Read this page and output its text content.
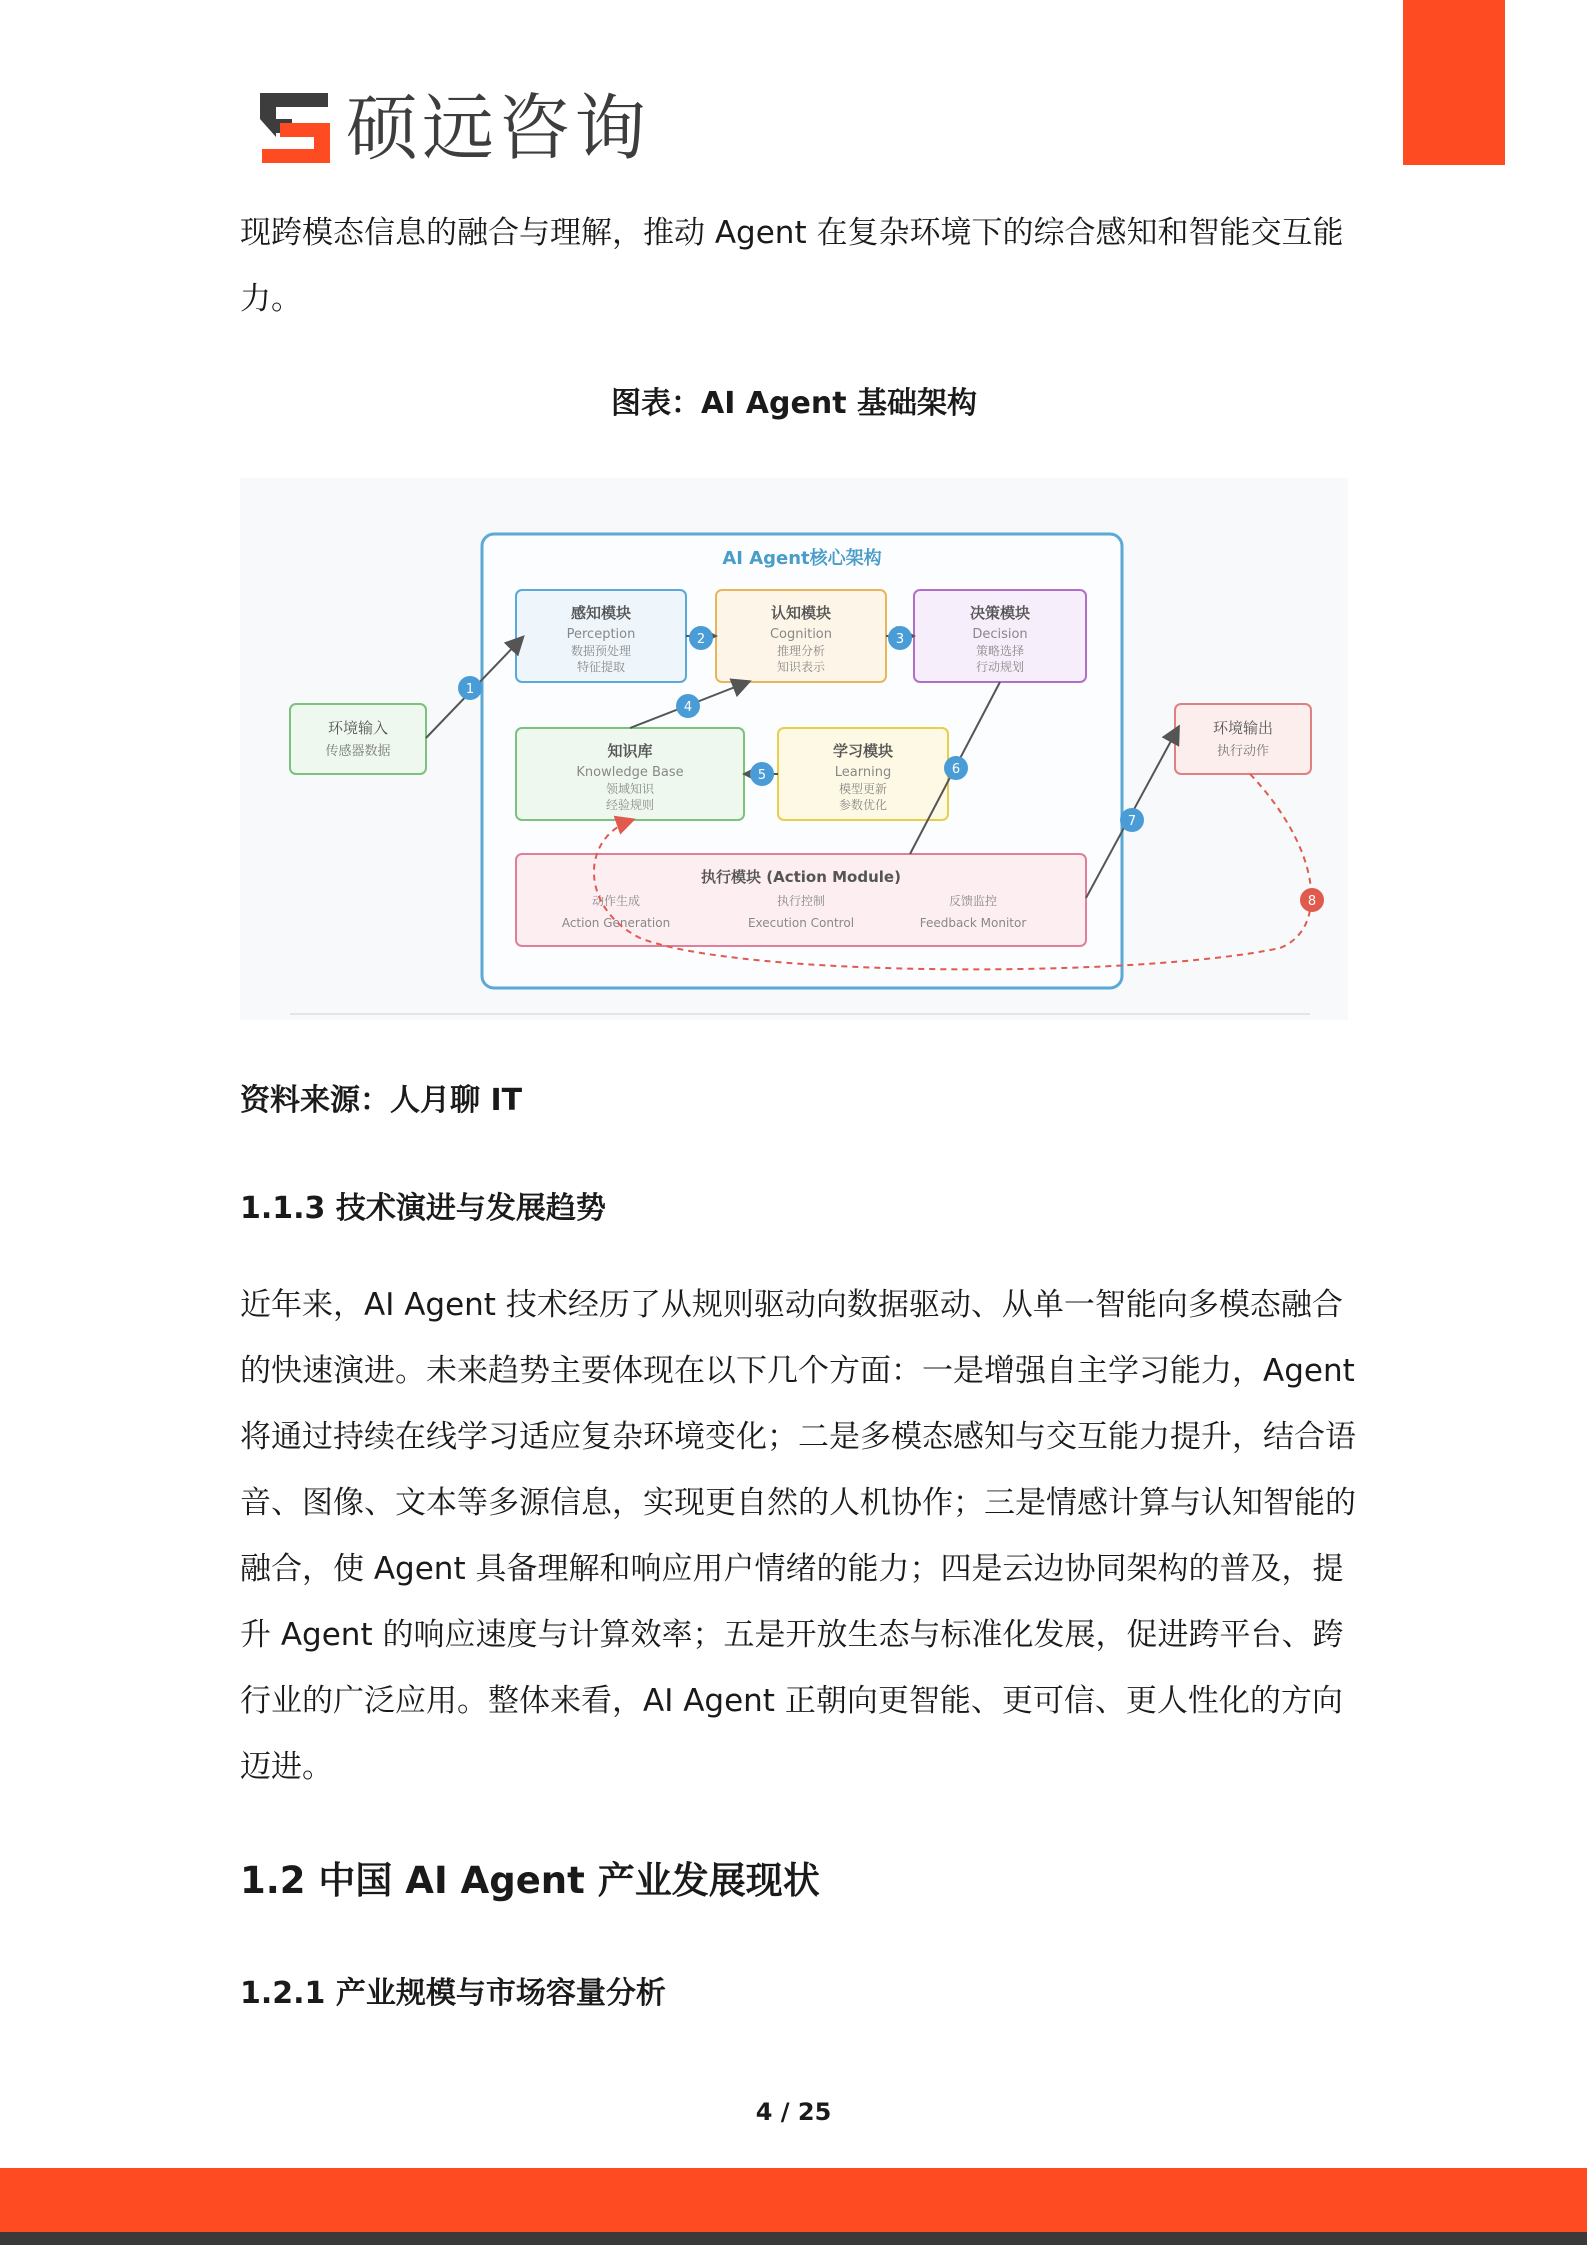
硕远咨询

现跨模态信息的融合与理解，推动 Agent 在复杂环境下的综合感知和智能交互能力。

图表：AI Agent 基础架构
AI Agent核心架构
环境输入
传感器数据
环境输出
执行动作
感知模块
Perception
数据预处理
特征提取
认知模块
Cognition
推理分析
知识表示
决策模块
Decision
策略选择
行动规划
知识库
Knowledge Base
领域知识
经验规则
学习模块
Learning
模型更新
参数优化
执行模块 (Action Module)
动作生成
Action Generation
执行控制
Execution Control
反馈监控
Feedback Monitor
1
2	3
4
5	6
7
8
资料来源：人月聊 IT
1.1.3 技术演进与发展趋势

近年来，AI Agent 技术经历了从规则驱动向数据驱动、从单一智能向多模态融合的快速演进。未来趋势主要体现在以下几个方面：一是增强自主学习能力，Agent 将通过持续在线学习适应复杂环境变化；二是多模态感知与交互能力提升，结合语音、图像、文本等多源信息，实现更自然的人机协作；三是情感计算与认知智能的融合，使 Agent 具备理解和响应用户情绪的能力；四是云边协同架构的普及，提升 Agent 的响应速度与计算效率；五是开放生态与标准化发展，促进跨平台、跨行业的广泛应用。整体来看，AI Agent 正朝向更智能、更可信、更人性化的方向迈进。

1.2 中国 AI Agent 产业发展现状
1.2.1 产业规模与市场容量分析
4 / 25
